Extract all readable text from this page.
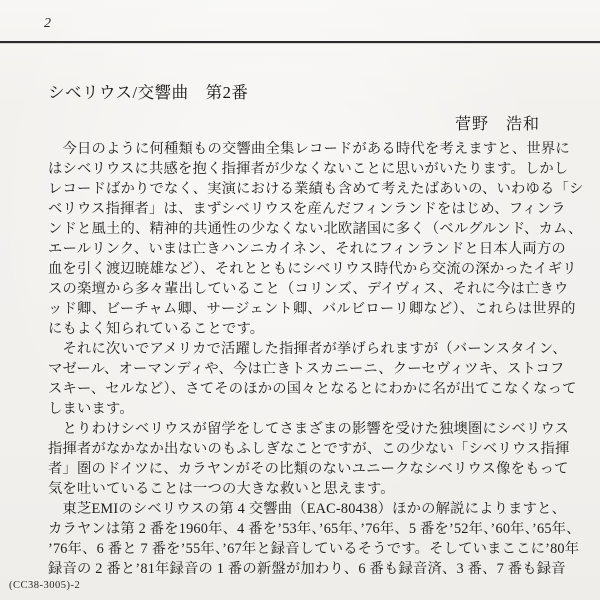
2
シベリウス/交響曲　第2番
菅野　浩和
　今日のように何種類もの交響曲全集レコードがある時代を考えますと、世界に
はシベリウスに共感を抱く指揮者が少なくないことに思いがいたります。しかし
レコードばかりでなく、実演における業績も含めて考えたばあいの、いわゆる「シ
ベリウス指揮者」は、まずシベリウスを産んだフィンランドをはじめ、フィンラ
ンドと風土的、精神的共通性の少なくない北欧諸国に多く（ベルグルンド、カム、
エールリンク、いまは亡きハンニカイネン、それにフィンランドと日本人両方の
血を引く渡辺暁雄など）、それとともにシベリウス時代から交流の深かったイギリ
スの楽壇から多々輩出していること（コリンズ、デイヴィス、それに今は亡きウ
ッド卿、ビーチャム卿、サージェント卿、バルビローリ卿など）、これらは世界的
にもよく知られていることです。
　それに次いでアメリカで活躍した指揮者が挙げられますが（バーンスタイン、
マゼール、オーマンディや、今は亡きトスカニーニ、クーセヴィツキ、ストコフ
スキー、セルなど）、さてそのほかの国々となるとにわかに名が出てこなくなって
しまいます。
　とりわけシベリウスが留学をしてさまざまの影響を受けた独墺圏にシベリウス
指揮者がなかなか出ないのもふしぎなことですが、この少ない「シベリウス指揮
者」圏のドイツに、カラヤンがその比類のないユニークなシベリウス像をもって
気を吐いていることは一つの大きな救いと思えます。
　東芝EMIのシベリウスの第 4 交響曲（EAC-80438）ほかの解説によりますと、
カラヤンは第 2 番を1960年、4 番を’53年、’65年、’76年、5 番を’52年、’60年、’65年、
’76年、6 番と 7 番を’55年、’67年と録音しているそうです。そしていまここに’80年
録音の 2 番と’81年録音の 1 番の新盤が加わり、6 番も録音済、3 番、7 番も録音
(CC38-3005)-2
